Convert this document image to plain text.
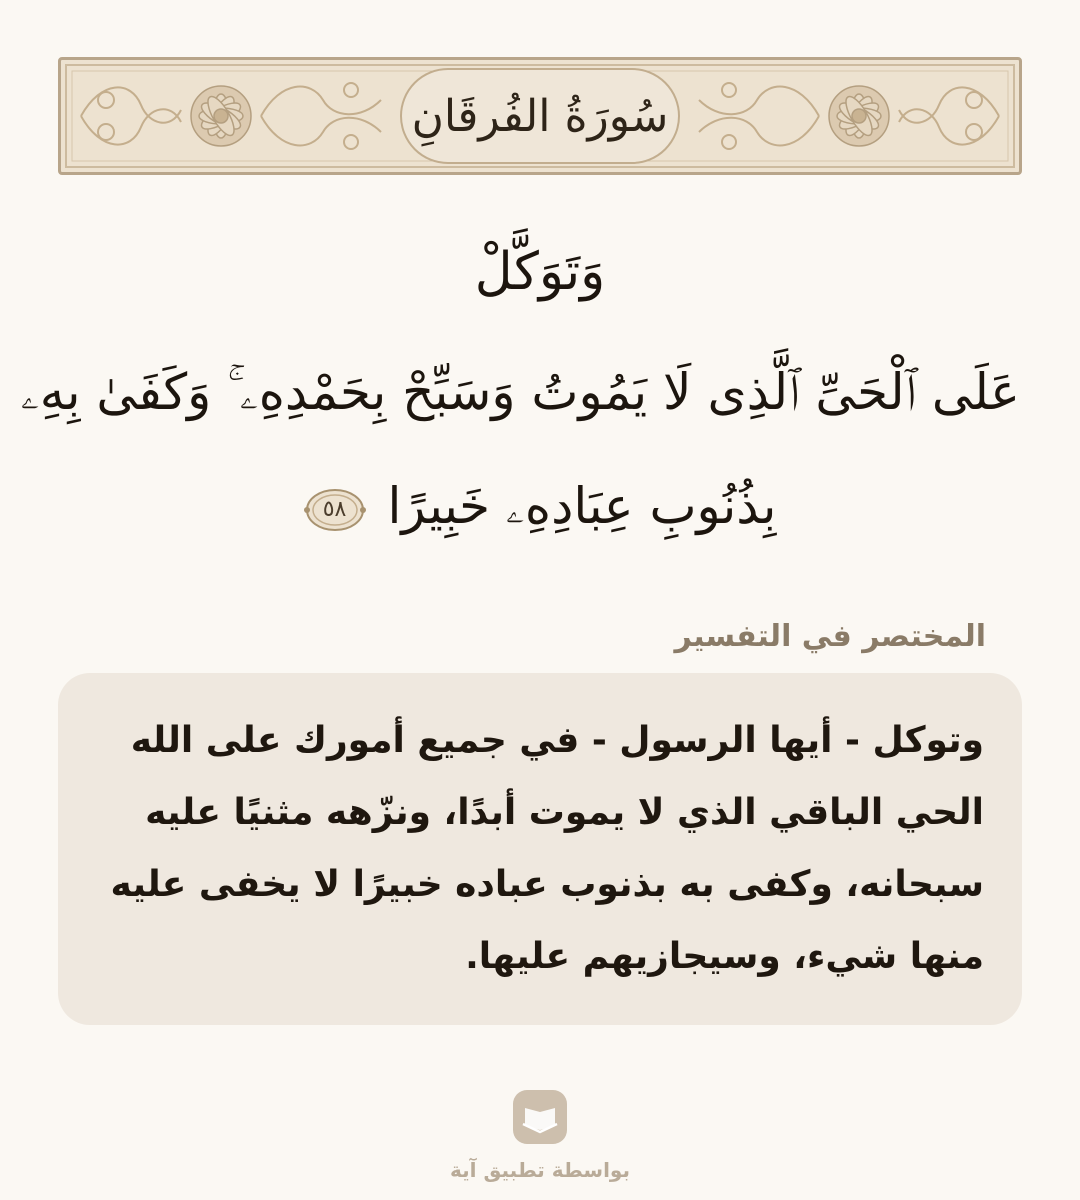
سُورَةُ الفُرقَانِ
وَتَوَكَّلْ
عَلَى ٱلْحَىِّ ٱلَّذِى لَا يَمُوتُ وَسَبِّحْ بِحَمْدِهِۦ ۚ وَكَفَىٰ بِهِۦ
بِذُنُوبِ عِبَادِهِۦ خَبِيرًا
٥٨
المختصر في التفسير
وتوكل - أيها الرسول - في جميع أمورك على الله الحي الباقي الذي لا يموت أبدًا، ونزّهه مثنيًا عليه سبحانه، وكفى به بذنوب عباده خبيرًا لا يخفى عليه منها شيء، وسيجازيهم عليها.
بواسطة تطبيق آية
